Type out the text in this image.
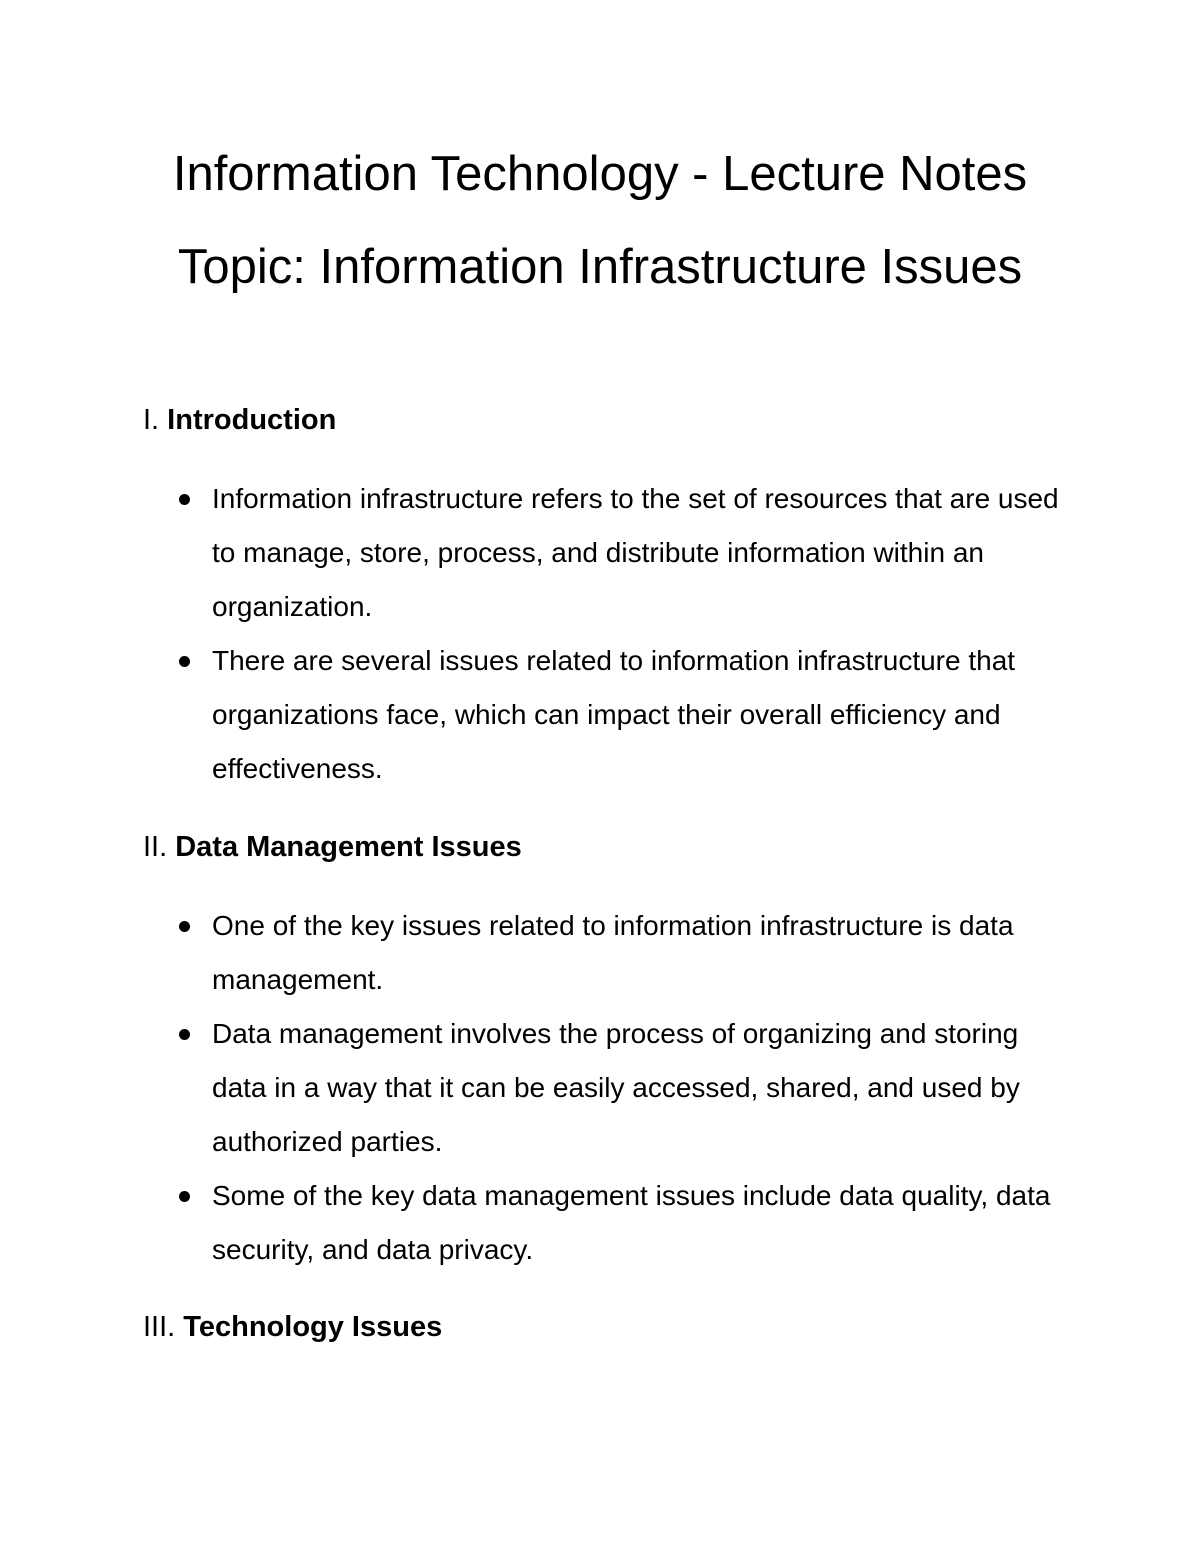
Information Technology - Lecture Notes
Topic: Information Infrastructure Issues
I. Introduction
Information infrastructure refers to the set of resources that are used to manage, store, process, and distribute information within an organization.
There are several issues related to information infrastructure that organizations face, which can impact their overall efficiency and effectiveness.
II. Data Management Issues
One of the key issues related to information infrastructure is data management.
Data management involves the process of organizing and storing data in a way that it can be easily accessed, shared, and used by authorized parties.
Some of the key data management issues include data quality, data security, and data privacy.
III. Technology Issues
